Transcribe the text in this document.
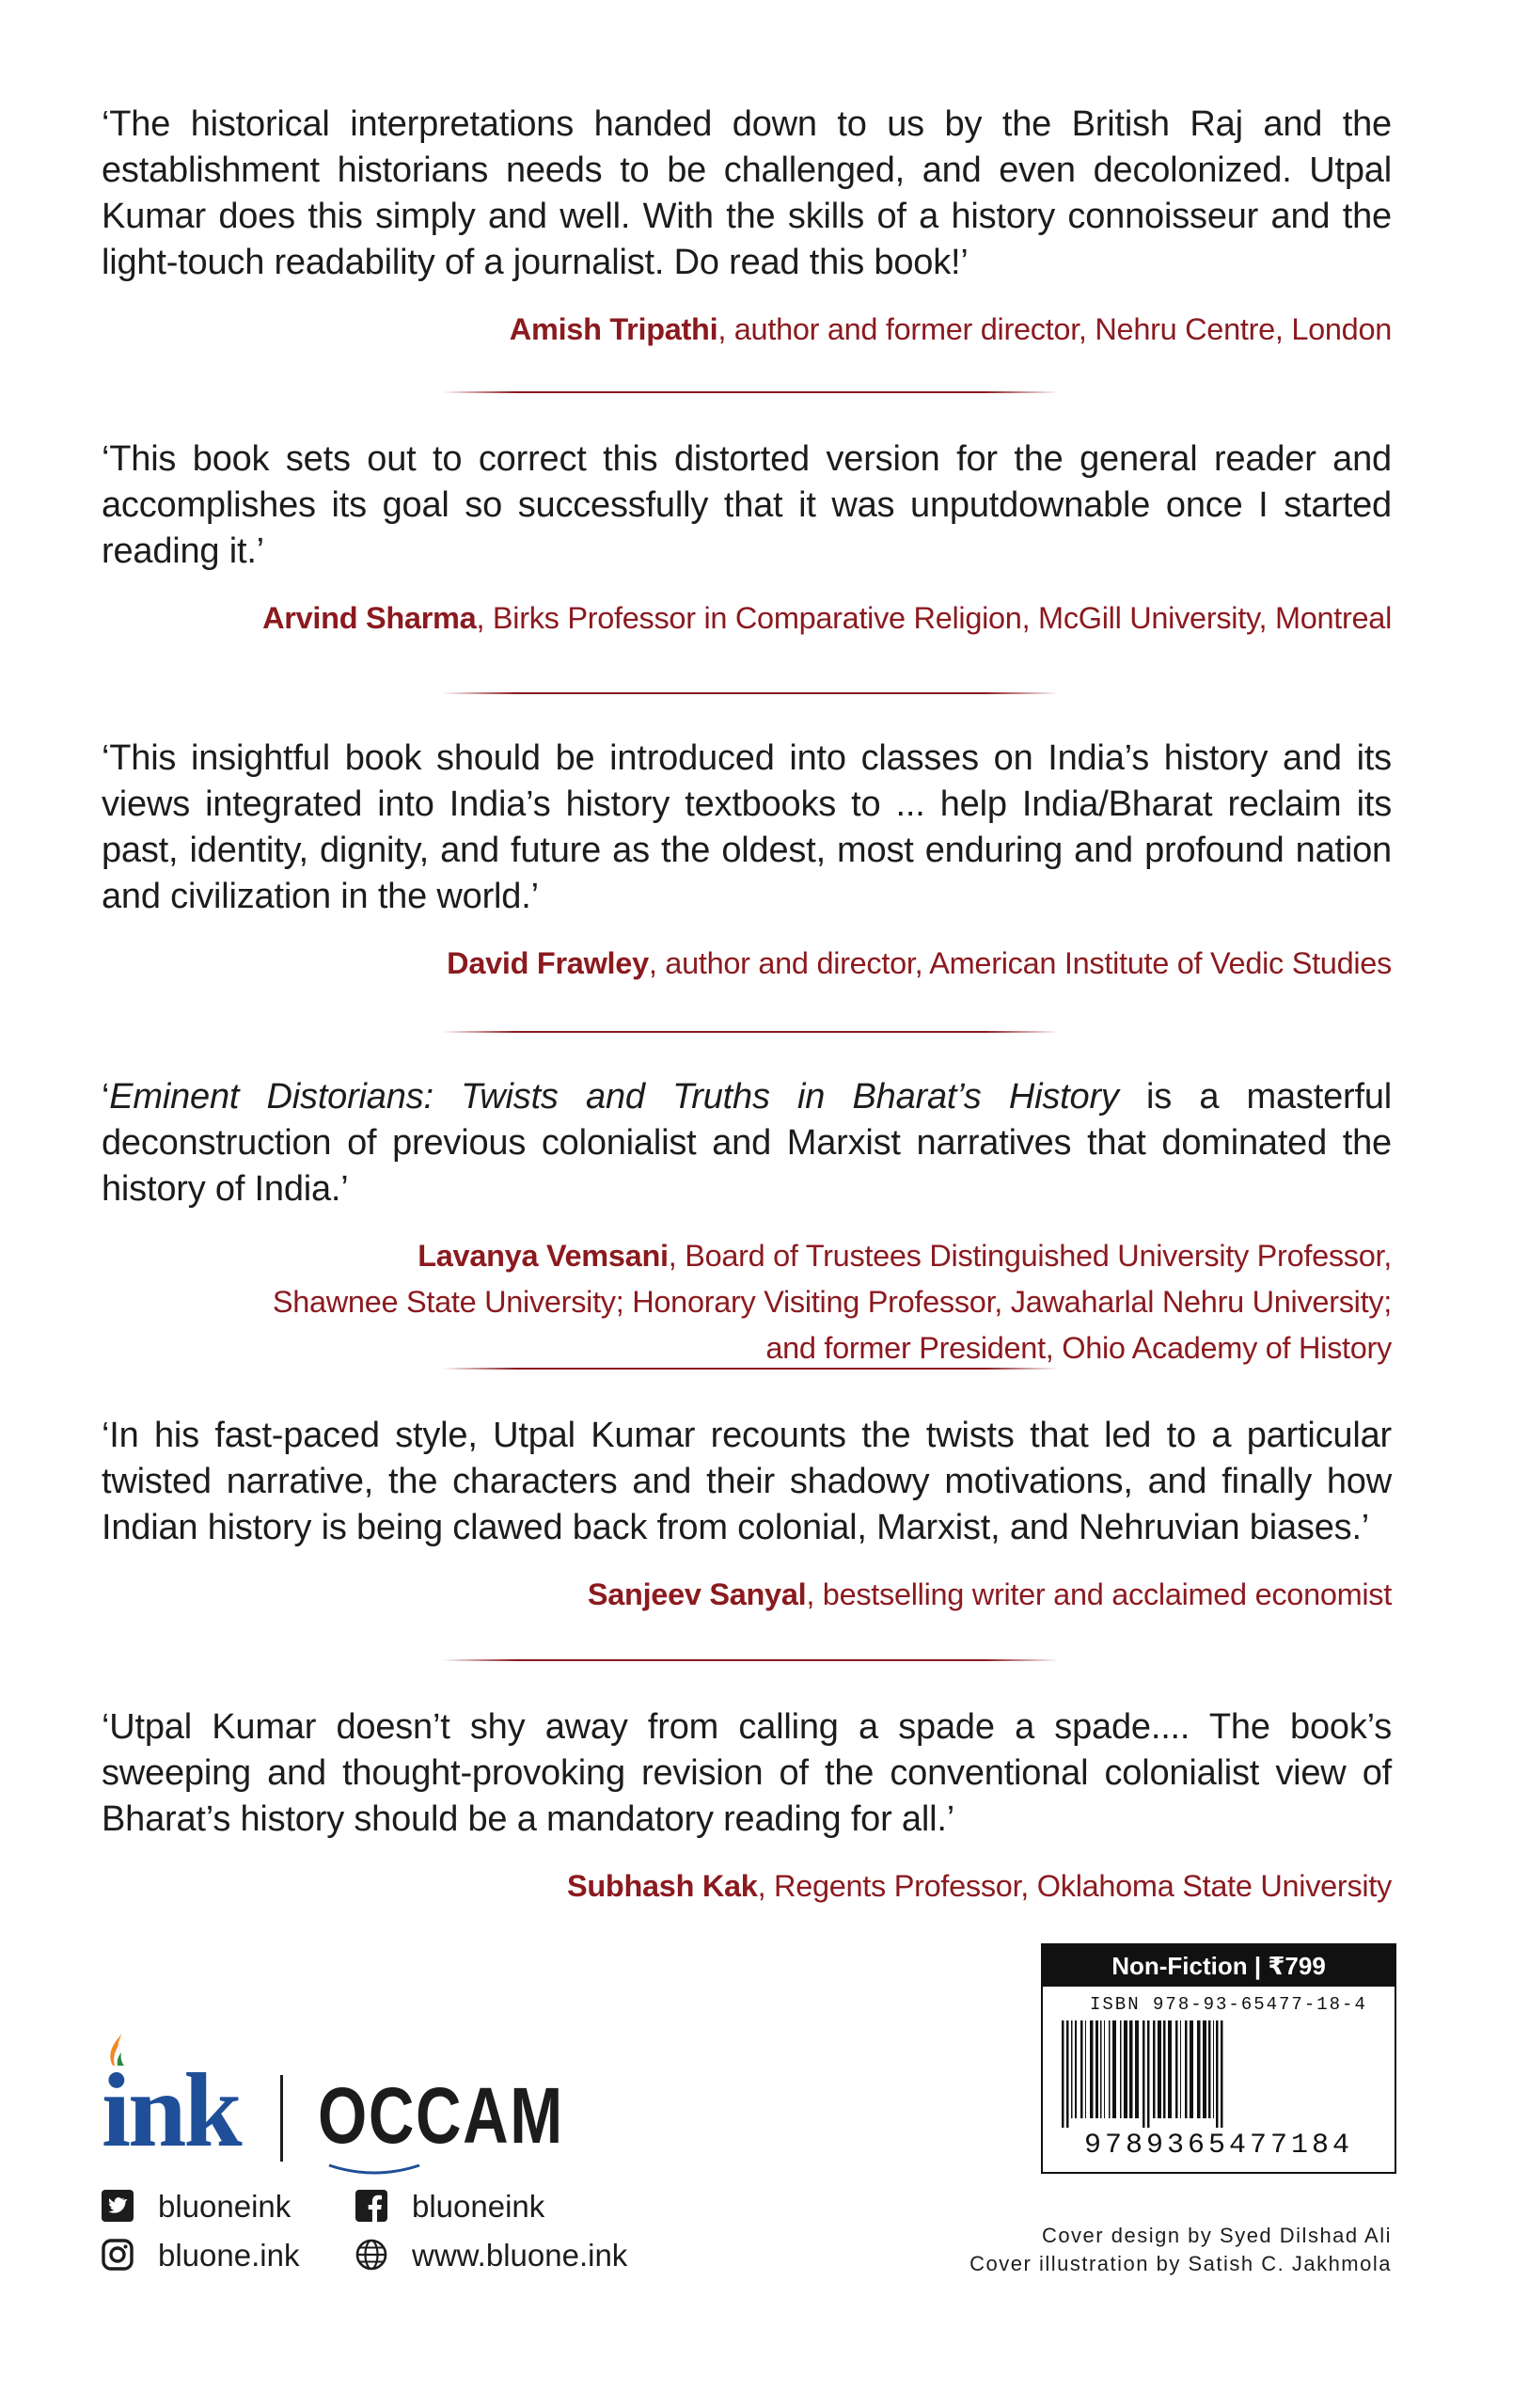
‘The historical interpretations handed down to us by the British Raj and the establishment historians needs to be challenged, and even decolonized. Utpal Kumar does this simply and well. With the skills of a history connoisseur and the light-touch readability of a journalist. Do read this book!’

Amish Tripathi, author and former director, Nehru Centre, London

‘This book sets out to correct this distorted version for the general reader and accomplishes its goal so successfully that it was unputdownable once I started reading it.’

Arvind Sharma, Birks Professor in Comparative Religion, McGill University, Montreal

‘This insightful book should be introduced into classes on India’s history and its views integrated into India’s history textbooks to ... help India/Bharat reclaim its past, identity, dignity, and future as the oldest, most enduring and profound nation and civilization in the world.’

David Frawley, author and director, American Institute of Vedic Studies

‘Eminent Distorians: Twists and Truths in Bharat’s History is a masterful deconstruction of previous colonialist and Marxist narratives that dominated the history of India.’

Lavanya Vemsani, Board of Trustees Distinguished University Professor,
Shawnee State University; Honorary Visiting Professor, Jawaharlal Nehru University;
and former President, Ohio Academy of History

‘In his fast-paced style, Utpal Kumar recounts the twists that led to a particular twisted narrative, the characters and their shadowy motivations, and finally how Indian history is being clawed back from colonial, Marxist, and Nehruvian biases.’

Sanjeev Sanyal, bestselling writer and acclaimed economist

‘Utpal Kumar doesn’t shy away from calling a spade a spade.... The book’s sweeping and thought-provoking revision of the conventional colonialist view of Bharat’s history should be a mandatory reading for all.’

Subhash Kak, Regents Professor, Oklahoma State University
ink OCCAM
bluoneink	bluoneink
bluone.ink	www.bluone.ink
Non-Fiction | ₹799
ISBN 978-93-65477-18-4
9789365477184
Cover design by Syed Dilshad Ali
Cover illustration by Satish C. Jakhmola
